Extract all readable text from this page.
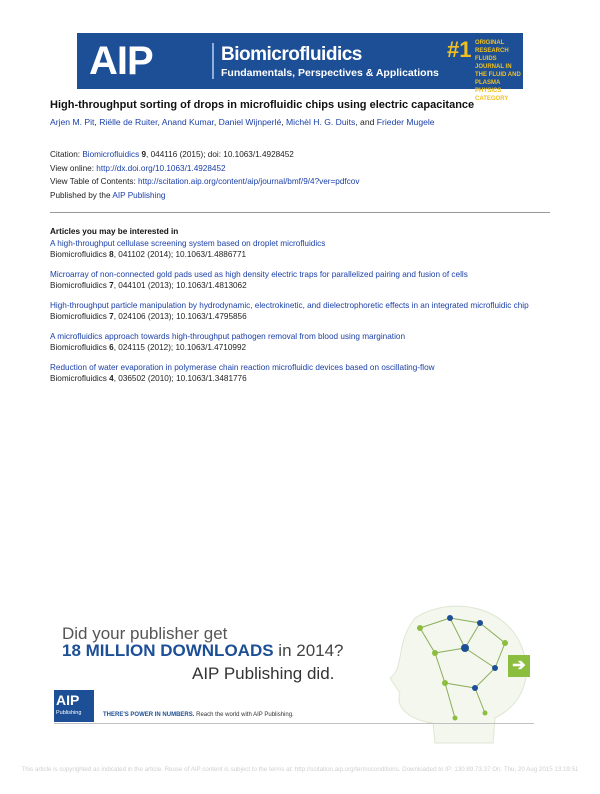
AIP	Biomicrofluidics
Fundamentals, Perspectives & Applications
#1 ORIGINAL RESEARCH FLUIDS JOURNAL IN THE FLUID AND PLASMA PHYSICS CATEGORY
High-throughput sorting of drops in microfluidic chips using electric capacitance
Arjen M. Pit, Riëlle de Ruiter, Anand Kumar, Daniel Wijnperlé, Michèl H. G. Duits, and Frieder Mugele
Citation: Biomicrofluidics 9, 044116 (2015); doi: 10.1063/1.4928452
View online: http://dx.doi.org/10.1063/1.4928452
View Table of Contents: http://scitation.aip.org/content/aip/journal/bmf/9/4?ver=pdfcov
Published by the AIP Publishing
Articles you may be interested in
A high-throughput cellulase screening system based on droplet microfluidics
Biomicrofluidics 8, 041102 (2014); 10.1063/1.4886771
Microarray of non-connected gold pads used as high density electric traps for parallelized pairing and fusion of cells
Biomicrofluidics 7, 044101 (2013); 10.1063/1.4813062
High-throughput particle manipulation by hydrodynamic, electrokinetic, and dielectrophoretic effects in an integrated microfluidic chip
Biomicrofluidics 7, 024106 (2013); 10.1063/1.4795856
A microfluidics approach towards high-throughput pathogen removal from blood using margination
Biomicrofluidics 6, 024115 (2012); 10.1063/1.4710992
Reduction of water evaporation in polymerase chain reaction microfluidic devices based on oscillating-flow
Biomicrofluidics 4, 036502 (2010); 10.1063/1.3481776
Did your publisher get
18 MILLION DOWNLOADS in 2014?
AIP Publishing did.	➔
AIP
Publishing	THERE'S POWER IN NUMBERS. Reach the world with AIP Publishing.
This article is copyrighted as indicated in the article. Reuse of AIP content is subject to the terms at: http://scitation.aip.org/termsconditions. Downloaded to IP: 130.89.73.37 On: Thu, 20 Aug 2015 13:19:51
